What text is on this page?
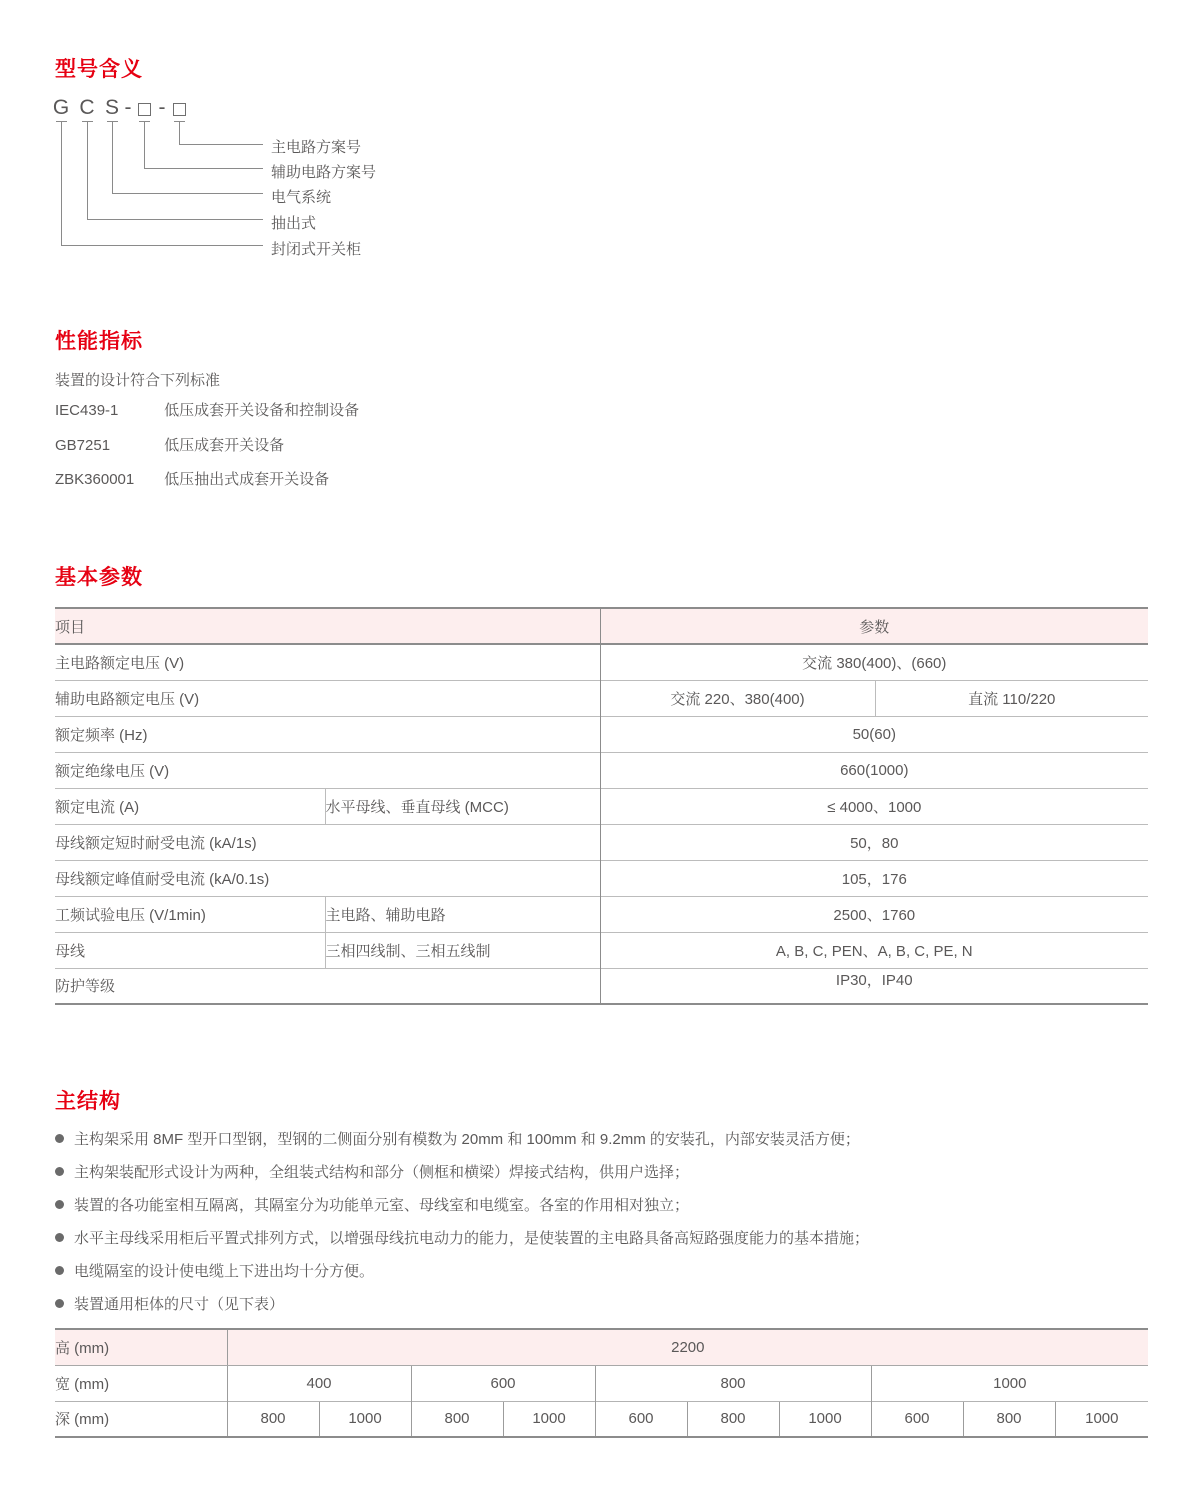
型号含义
G C S - -
主电路方案号
辅助电路方案号
电气系统
抽出式
封闭式开关柜
性能指标
装置的设计符合下列标准
IEC439-1	低压成套开关设备和控制设备
GB7251	低压成套开关设备
ZBK360001 低压抽出式成套开关设备
基本参数
项目		参数	
主电路额定电压 (V)		交流 380(400)、(660)	
辅助电路额定电压 (V)		交流 220、380(400)	直流 110/220
额定频率 (Hz)		50(60)	
额定绝缘电压 (V)		660(1000)	
额定电流 (A)	水平母线、垂直母线 (MCC)	≤ 4000、1000	
母线额定短时耐受电流 (kA/1s)		50，80	
母线额定峰值耐受电流 (kA/0.1s)		105，176	
工频试验电压 (V/1min)	主电路、辅助电路	2500、1760	
母线	三相四线制、三相五线制	A, B, C, PEN、A, B, C, PE, N	
防护等级		IP30，IP40	
主结构
主构架采用 8MF 型开口型钢，型钢的二侧面分别有模数为 20mm 和 100mm 和 9.2mm 的安装孔，内部安装灵活方便；
主构架装配形式设计为两种，全组装式结构和部分（侧框和横梁）焊接式结构，供用户选择；
装置的各功能室相互隔离，其隔室分为功能单元室、母线室和电缆室。各室的作用相对独立；
水平主母线采用柜后平置式排列方式，以增强母线抗电动力的能力，是使装置的主电路具备高短路强度能力的基本措施；
电缆隔室的设计使电缆上下进出均十分方便。
装置通用柜体的尺寸（见下表）
高 (mm)	2200									
宽 (mm)	400		600		800			1000		
深 (mm)	800	1000	800	1000	600	800	1000	600	800	1000
